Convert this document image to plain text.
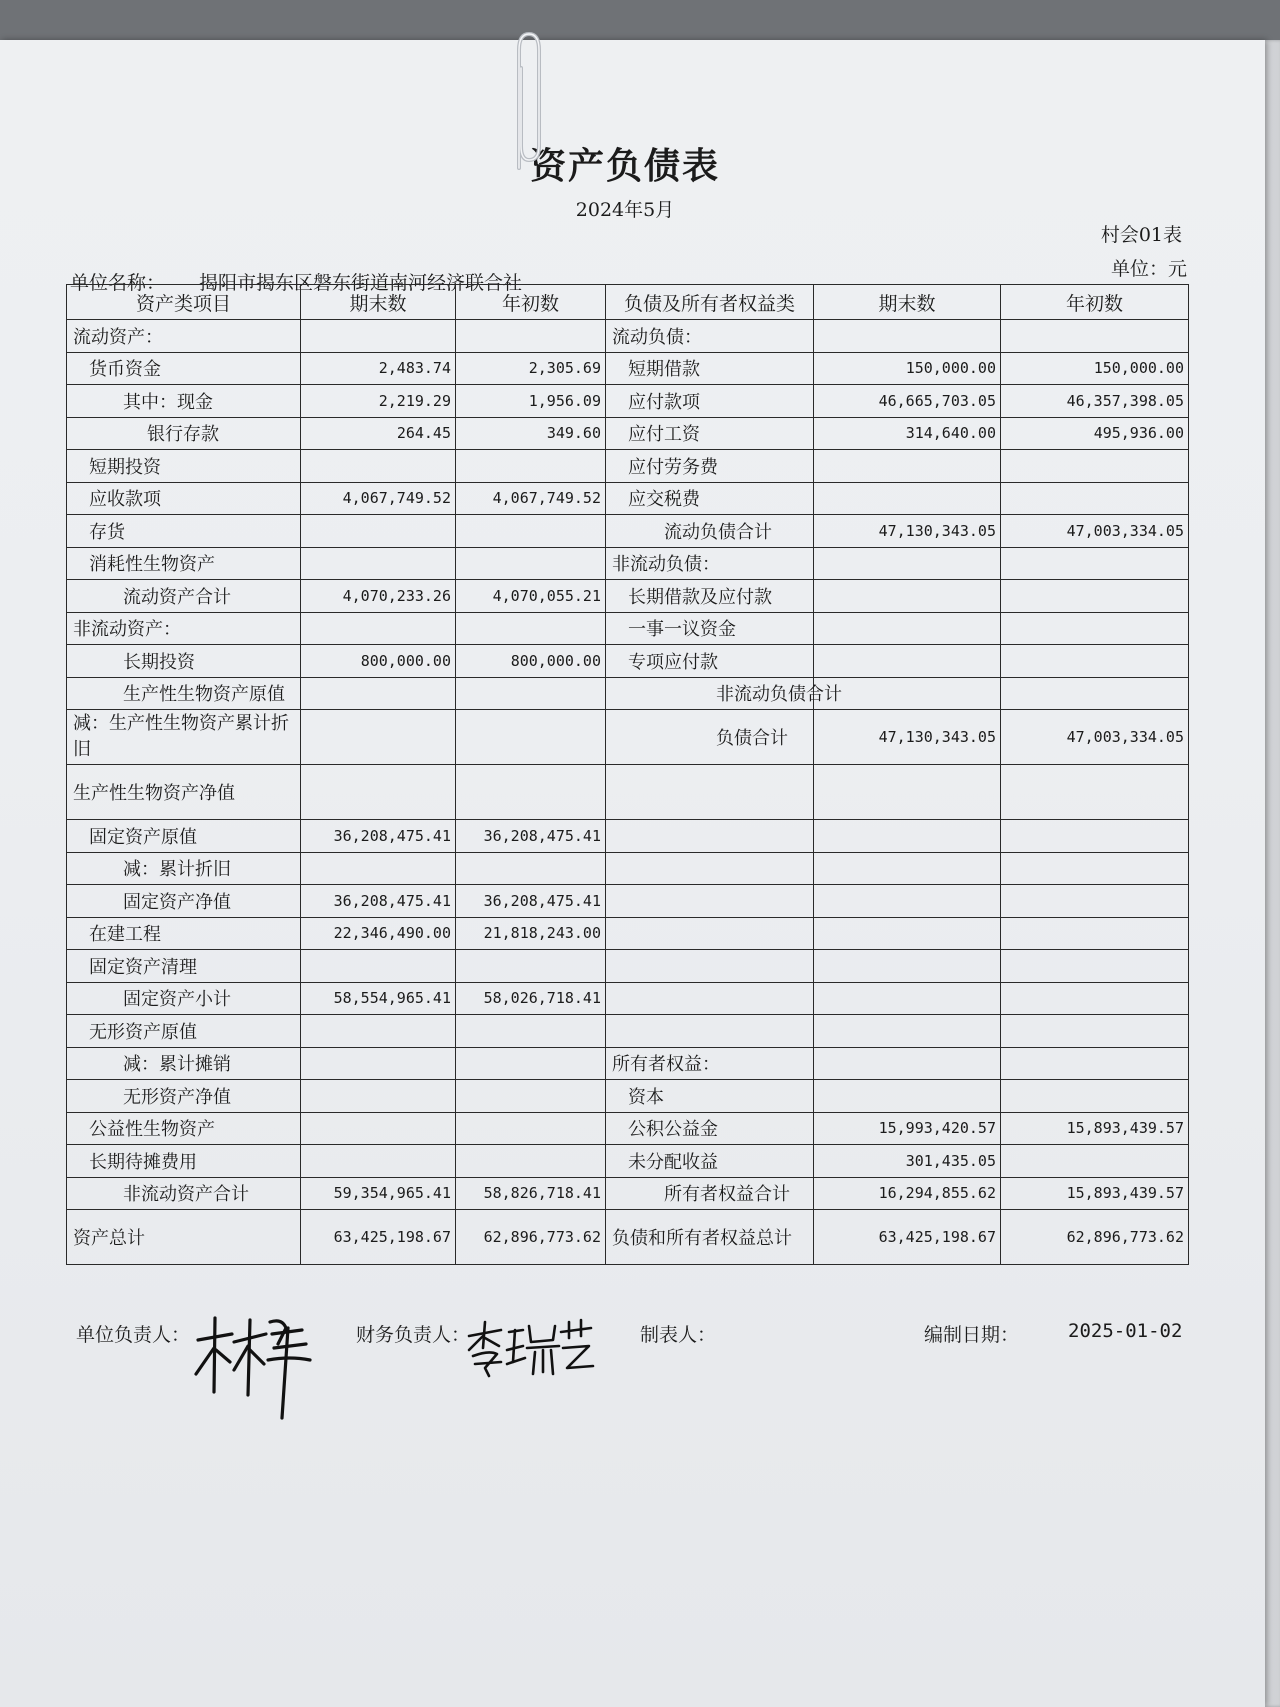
资产负债表
2024年5月
村会01表
单位：元
单位名称： 揭阳市揭东区磐东街道南河经济联合社
资产类项目	期末数	年初数	负债及所有者权益类	期末数	年初数
流动资产：			流动负债：		
货币资金	2,483.74	2,305.69	短期借款	150,000.00	150,000.00
其中：现金	2,219.29	1,956.09	应付款项	46,665,703.05	46,357,398.05
银行存款	264.45	349.60	应付工资	314,640.00	495,936.00
短期投资			应付劳务费		
应收款项	4,067,749.52	4,067,749.52	应交税费		
存货			流动负债合计	47,130,343.05	47,003,334.05
消耗性生物资产			非流动负债：		
流动资产合计	4,070,233.26	4,070,055.21	长期借款及应付款		
非流动资产：			一事一议资金		
长期投资	800,000.00	800,000.00	专项应付款		
生产性生物资产原值			非流动负债合计		
减：生产性生物资产累计折旧			负债合计	47,130,343.05	47,003,334.05
生产性生物资产净值					
固定资产原值	36,208,475.41	36,208,475.41			
减：累计折旧					
固定资产净值	36,208,475.41	36,208,475.41			
在建工程	22,346,490.00	21,818,243.00			
固定资产清理					
固定资产小计	58,554,965.41	58,026,718.41			
无形资产原值					
减：累计摊销			所有者权益：		
无形资产净值			资本		
公益性生物资产			公积公益金	15,993,420.57	15,893,439.57
长期待摊费用			未分配收益	301,435.05	
非流动资产合计	59,354,965.41	58,826,718.41	所有者权益合计	16,294,855.62	15,893,439.57
资产总计	63,425,198.67	62,896,773.62	负债和所有者权益总计	63,425,198.67	62,896,773.62
单位负责人：	财务负责人：	制表人：	编制日期：	2025-01-02
